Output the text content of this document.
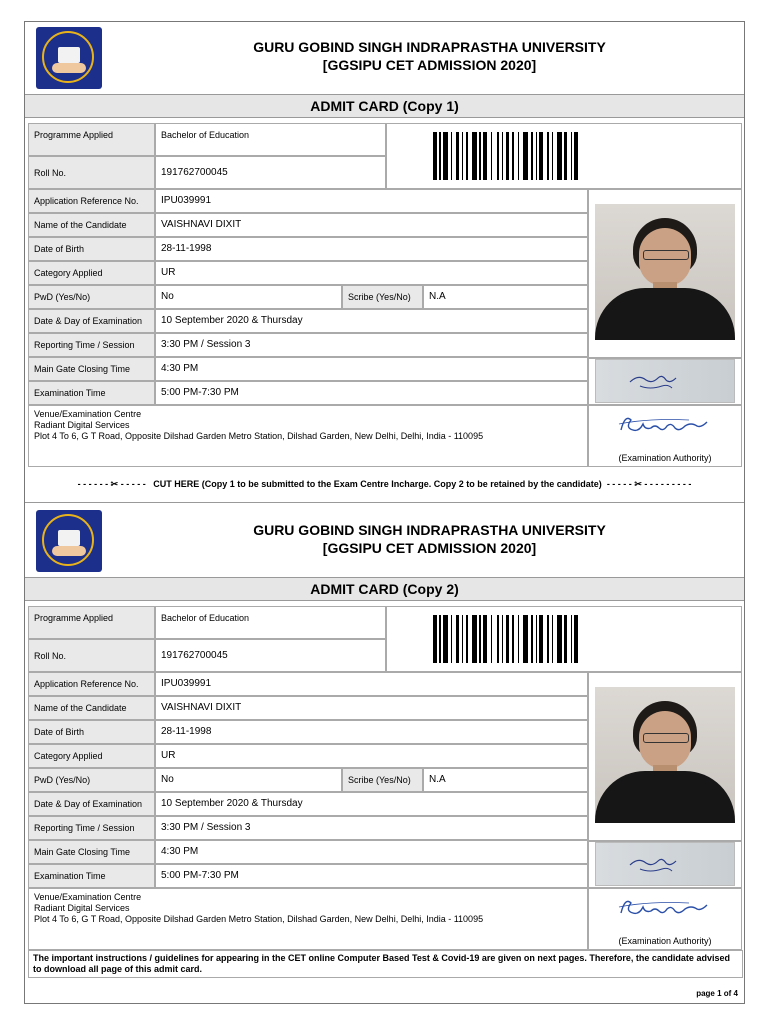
GURU GOBIND SINGH INDRAPRASTHA UNIVERSITY
[GGSIPU CET ADMISSION 2020]
ADMIT CARD (Copy 1)
Programme Applied	Bachelor of Education
Roll No.	191762700045
Application Reference No.	IPU039991
Name of the Candidate	VAISHNAVI DIXIT
Date of Birth	28-11-1998
Category Applied	UR
PwD (Yes/No)	No	Scribe (Yes/No)	N.A
Date & Day of Examination	10 September 2020 & Thursday
Reporting Time / Session	3:30 PM / Session 3
Main Gate Closing Time	4:30 PM
Examination Time	5:00 PM-7:30 PM
Venue/Examination Centre
Radiant Digital Services
Plot 4 To 6, G T Road, Opposite Dilshad Garden Metro Station, Dilshad Garden, New Delhi, Delhi, India - 110095
(Examination Authority)
- - - - - - ✂ - - - - - CUT HERE (Copy 1 to be submitted to the Exam Centre Incharge. Copy 2 to be retained by the candidate) - - - - - ✂ - - - - - - - - -
GURU GOBIND SINGH INDRAPRASTHA UNIVERSITY
[GGSIPU CET ADMISSION 2020]
ADMIT CARD (Copy 2)
Programme Applied	Bachelor of Education
Roll No.	191762700045
Application Reference No.	IPU039991
Name of the Candidate	VAISHNAVI DIXIT
Date of Birth	28-11-1998
Category Applied	UR
PwD (Yes/No)	No	Scribe (Yes/No)	N.A
Date & Day of Examination	10 September 2020 & Thursday
Reporting Time / Session	3:30 PM / Session 3
Main Gate Closing Time	4:30 PM
Examination Time	5:00 PM-7:30 PM
Venue/Examination Centre
Radiant Digital Services
Plot 4 To 6, G T Road, Opposite Dilshad Garden Metro Station, Dilshad Garden, New Delhi, Delhi, India - 110095
(Examination Authority)
The important instructions / guidelines for appearing in the CET online Computer Based Test & Covid-19 are given on next pages. Therefore, the candidate advised to download all page of this admit card.
page 1 of 4
